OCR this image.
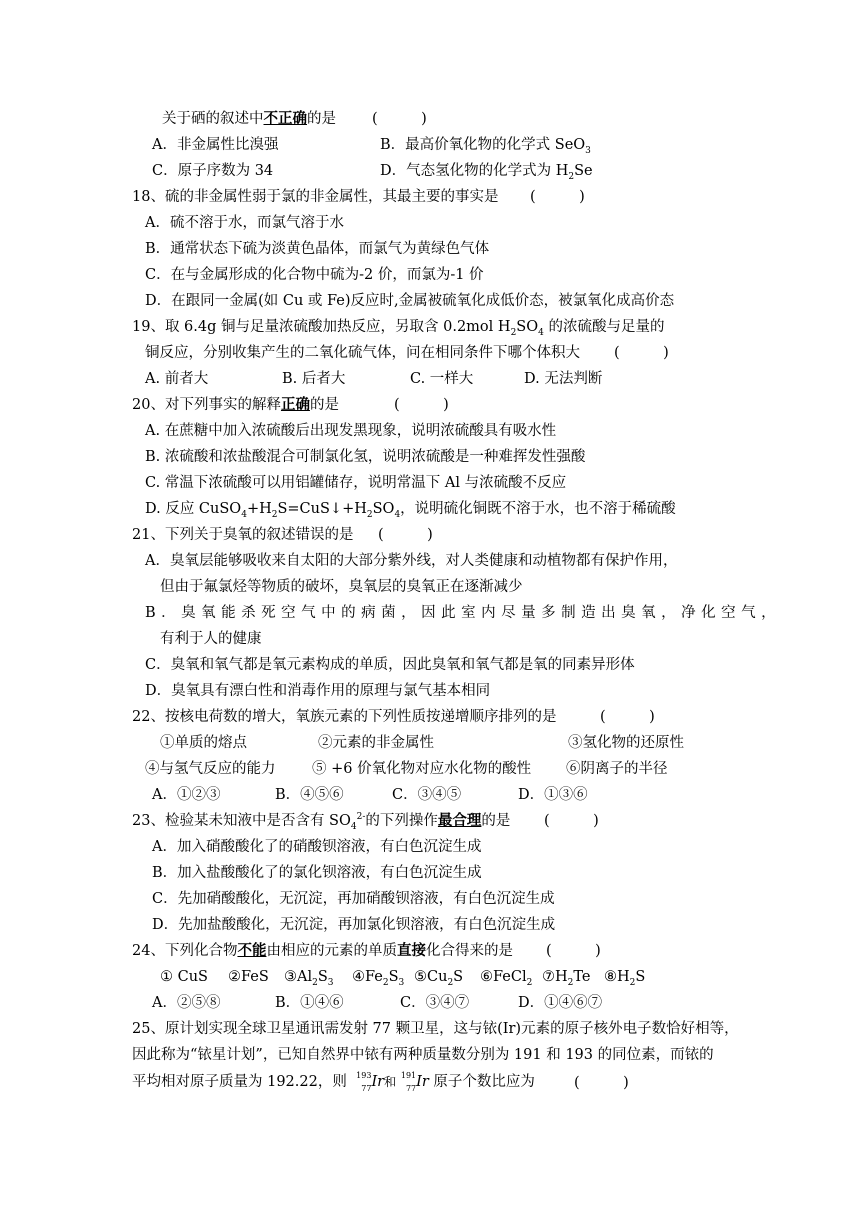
关于硒的叙述中不正确的是 (　　　)
A．非金属性比溴强	B．最高价氧化物的化学式 SeO$_3$
C．原子序数为 34	D．气态氢化物的化学式为 $H_2Se$
18、硫的非金属性弱于氯的非金属性，其最主要的事实是 (　　　)
A．硫不溶于水，而氯气溶于水
B．通常状态下硫为淡黄色晶体，而氯气为黄绿色气体
C．在与金属形成的化合物中硫为-2 价，而氯为-1 价
D．在跟同一金属(如 Cu 或 Fe)反应时,金属被硫氧化成低价态，被氯氧化成高价态
19、取 6.4g 铜与足量浓硫酸加热反应，另取含 0.2mol $H_2SO_4$ 的浓硫酸与足量的
铜反应，分别收集产生的二氧化硫气体，问在相同条件下哪个体积大 (　　　)
A. 前者大	B. 后者大	C. 一样大	D. 无法判断
20、对下列事实的解释正确的是	(　　　)
A. 在蔗糖中加入浓硫酸后出现发黑现象，说明浓硫酸具有吸水性
B. 浓硫酸和浓盐酸混合可制氯化氢，说明浓硫酸是一种难挥发性强酸
C. 常温下浓硫酸可以用铝罐储存，说明常温下 Al 与浓硫酸不反应
D. 反应 $CuSO_4+H_2S=CuS↓+H_2SO_4$，说明硫化铜既不溶于水，也不溶于稀硫酸
21、下列关于臭氧的叙述错误的是 (　　　)
A．臭氧层能够吸收来自太阳的大部分紫外线，对人类健康和动植物都有保护作用，
但由于氟氯烃等物质的破坏，臭氧层的臭氧正在逐渐减少
B．臭氧能杀死空气中的病菌，因此室内尽量多制造出臭氧，净化空气，
有利于人的健康
C．臭氧和氧气都是氧元素构成的单质，因此臭氧和氧气都是氧的同素异形体
D．臭氧具有漂白性和消毒作用的原理与氯气基本相同
22、按核电荷数的增大，氧族元素的下列性质按递增顺序排列的是	(　　　)
①单质的熔点	②元素的非金属性	③氢化物的还原性
④与氢气反应的能力	⑤ +6 价氧化物对应水化物的酸性 ⑥阴离子的半径
A．①②③	B．④⑤⑥	C．③④⑤	D．①③⑥
23、检验某未知液中是否含有 $SO_4^{2-}$的下列操作最合理的是 (　　　)
A．加入硝酸酸化了的硝酸钡溶液，有白色沉淀生成
B．加入盐酸酸化了的氯化钡溶液，有白色沉淀生成
C．先加硝酸酸化，无沉淀，再加硝酸钡溶液，有白色沉淀生成
D．先加盐酸酸化，无沉淀，再加氯化钡溶液，有白色沉淀生成
24、下列化合物不能由相应的元素的单质直接化合得来的是 (　　　)
① CuS ②FeS $③Al_2S_3$ $④Fe_2S_3$ $⑤Cu_2S$ ⑥FeCl$_2$ $⑦H_2Te$ $⑧H_2S$
A．②⑤⑧	B．①④⑥	C．③④⑦	D．①④⑥⑦
25、原计划实现全球卫星通讯需发射 77 颗卫星，这与铱(Ir)元素的原子核外电子数恰好相等，
因此称为“铱星计划”，已知自然界中铱有两种质量数分别为 191 和 193 的同位素，而铱的
平均相对原子质量为 192.22，则 193
77 Ir和 191
77 Ir 原子个数比应为	(　　　)
